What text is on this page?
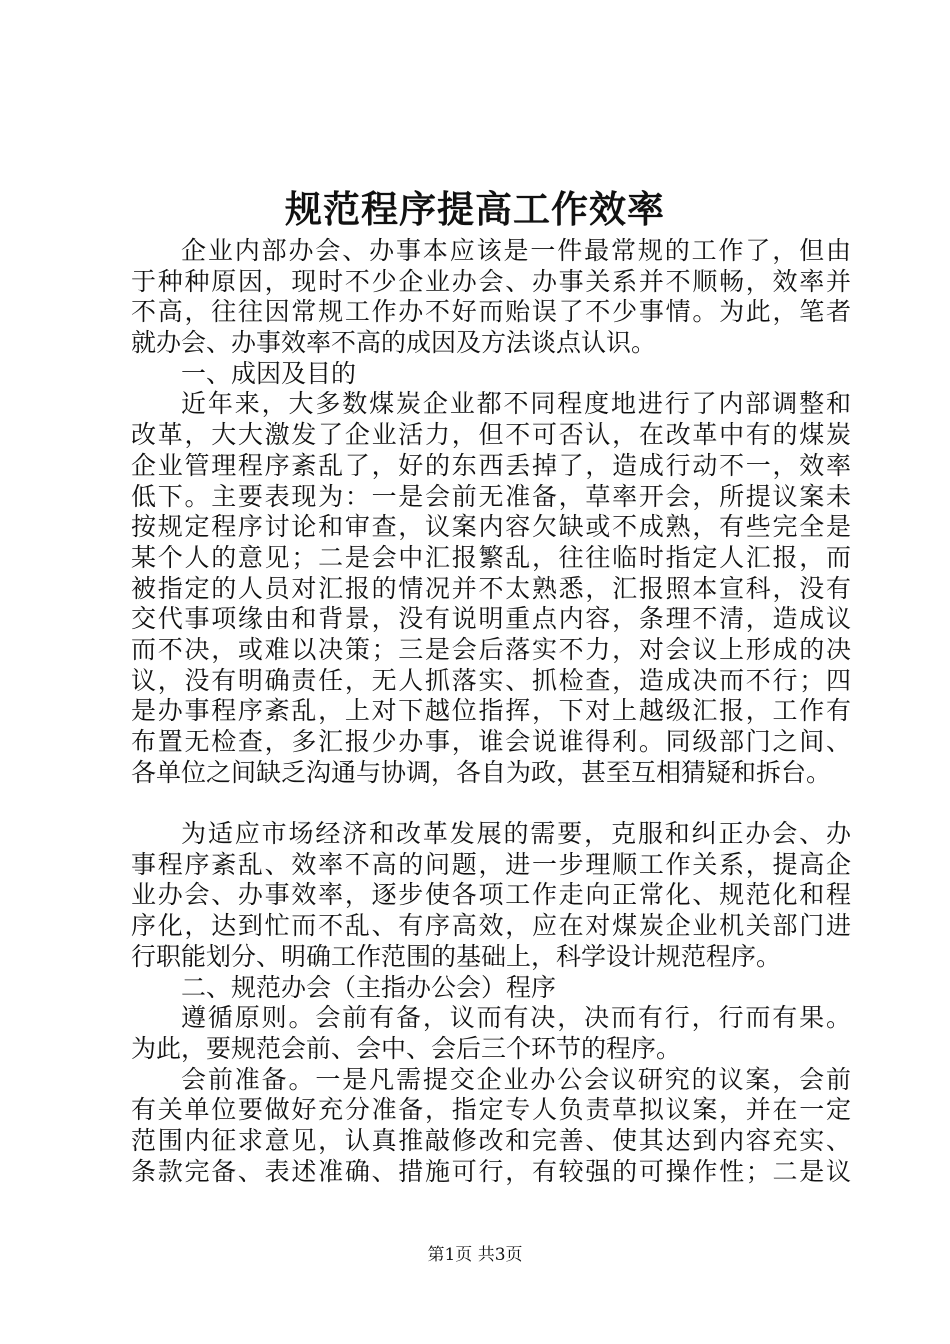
规范程序提高工作效率
企业内部办会、办事本应该是一件最常规的工作了，但由
于种种原因，现时不少企业办会、办事关系并不顺畅，效率并
不高，往往因常规工作办不好而贻误了不少事情。为此，笔者
就办会、办事效率不高的成因及方法谈点认识。
一、成因及目的
近年来，大多数煤炭企业都不同程度地进行了内部调整和
改革，大大激发了企业活力，但不可否认，在改革中有的煤炭
企业管理程序紊乱了，好的东西丢掉了，造成行动不一，效率
低下。主要表现为：一是会前无准备，草率开会，所提议案未
按规定程序讨论和审查，议案内容欠缺或不成熟，有些完全是
某个人的意见；二是会中汇报繁乱，往往临时指定人汇报，而
被指定的人员对汇报的情况并不太熟悉，汇报照本宣科，没有
交代事项缘由和背景，没有说明重点内容，条理不清，造成议
而不决，或难以决策；三是会后落实不力，对会议上形成的决
议，没有明确责任，无人抓落实、抓检查，造成决而不行；四
是办事程序紊乱，上对下越位指挥，下对上越级汇报，工作有
布置无检查，多汇报少办事，谁会说谁得利。同级部门之间、
各单位之间缺乏沟通与协调，各自为政，甚至互相猜疑和拆台。
为适应市场经济和改革发展的需要，克服和纠正办会、办
事程序紊乱、效率不高的问题，进一步理顺工作关系，提高企
业办会、办事效率，逐步使各项工作走向正常化、规范化和程
序化，达到忙而不乱、有序高效，应在对煤炭企业机关部门进
行职能划分、明确工作范围的基础上，科学设计规范程序。
二、规范办会（主指办公会）程序
遵循原则。会前有备，议而有决，决而有行，行而有果。
为此，要规范会前、会中、会后三个环节的程序。
会前准备。一是凡需提交企业办公会议研究的议案，会前
有关单位要做好充分准备，指定专人负责草拟议案，并在一定
范围内征求意见，认真推敲修改和完善、使其达到内容充实、
条款完备、表述准确、措施可行，有较强的可操作性；二是议
第1页 共3页
